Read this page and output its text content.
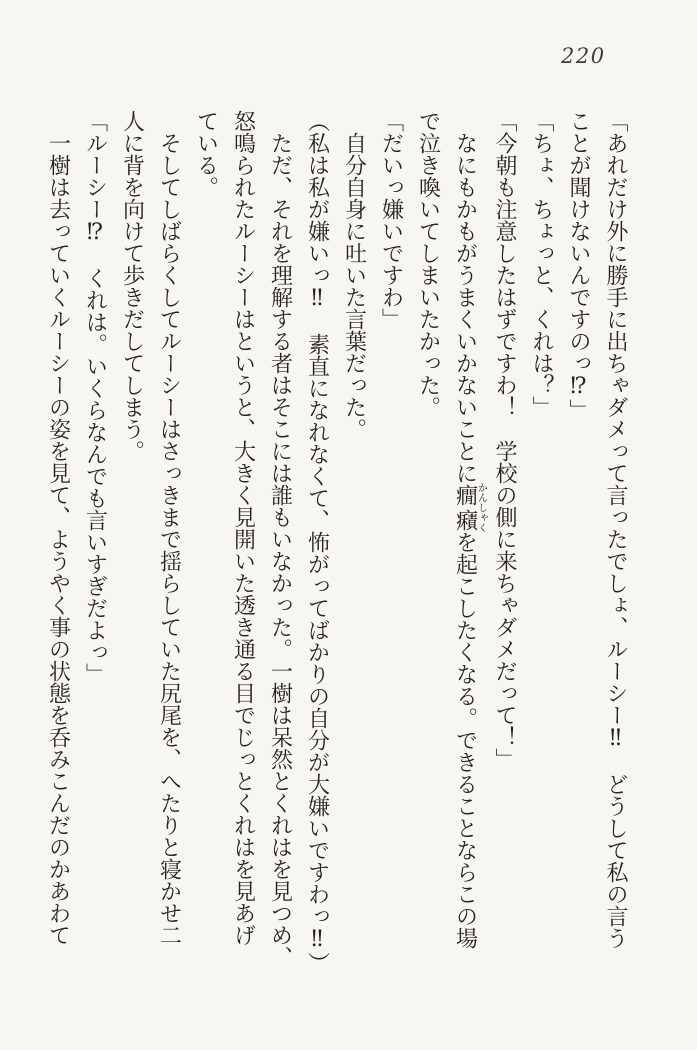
220

「あれだけ外に勝手に出ちゃダメって言ったでしょ、ルーシー‼　どうして私の言う

ことが聞けないんですのっ⁉」

「ちょ、ちょっと、くれは？」

「今朝も注意したはずですわ！　学校の側に来ちゃダメだって！」

なにもかもがうまくいかないことに癇癪かんしゃくを起こしたくなる。できることならこの場

で泣き喚いてしまいたかった。

「だいっ嫌いですわ」

自分自身に吐いた言葉だった。

（私は私が嫌いっ‼　素直になれなくて、怖がってばかりの自分が大嫌いですわっ‼）

ただ、それを理解する者はそこには誰もいなかった。一樹は呆然とくれはを見つめ、

怒鳴られたルーシーはというと、大きく見開いた透き通る目でじっとくれはを見あげ

ている。

そしてしばらくしてルーシーはさっきまで揺らしていた尻尾を、へたりと寝かせ二

人に背を向けて歩きだしてしまう。

「ルーシー⁉　くれは。いくらなんでも言いすぎだよっ」

一樹は去っていくルーシーの姿を見て、ようやく事の状態を呑みこんだのかあわて
